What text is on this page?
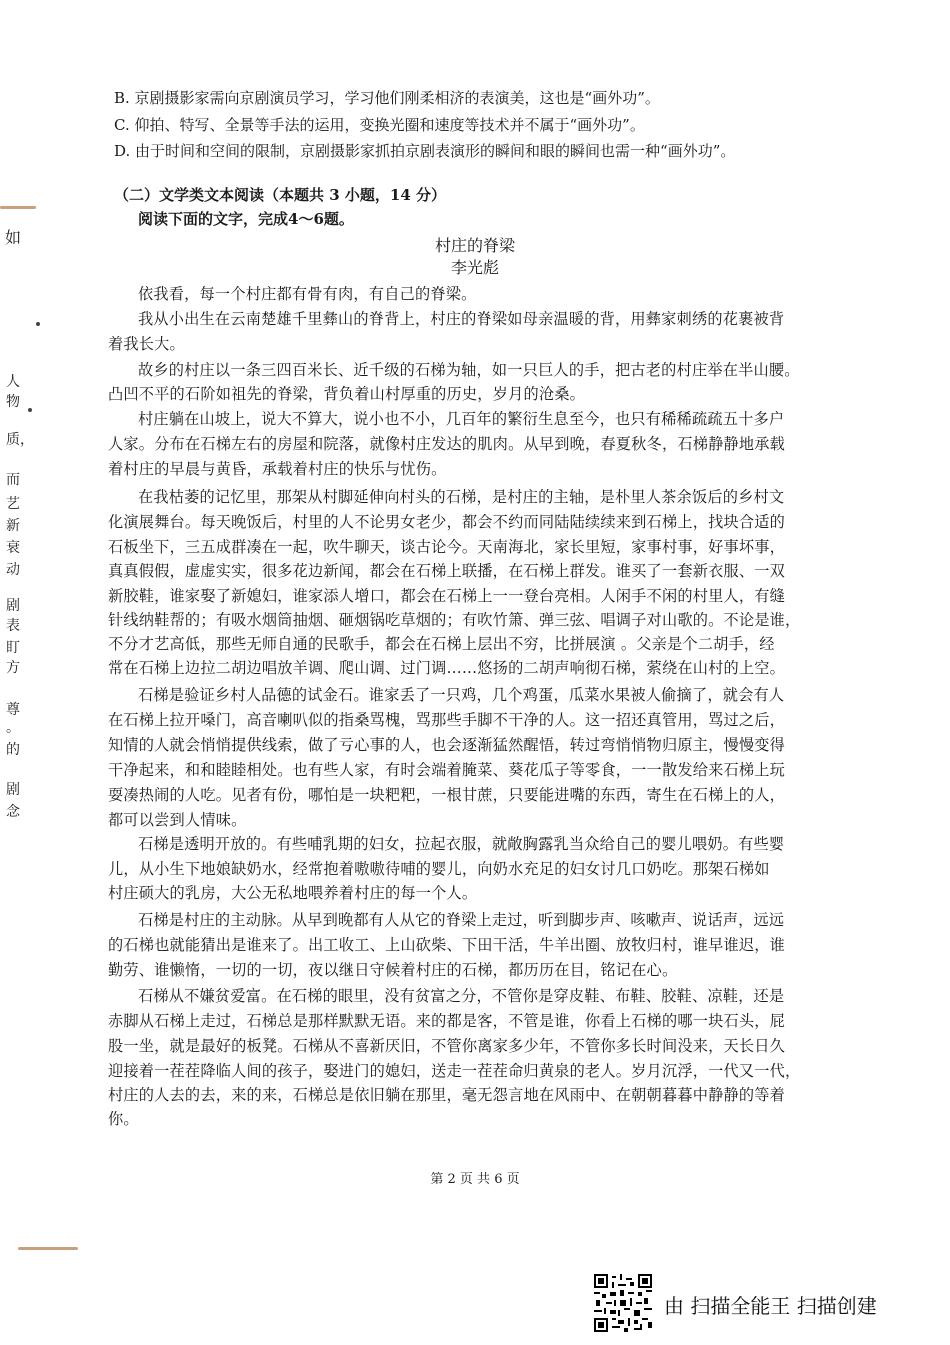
如
人
物
质 ，
而
艺
新
衰
动
剧
表
盯
方
尊
。
的
剧
念
B. 京剧摄影家需向京剧演员学习，学习他们刚柔相济的表演美，这也是“画外功”。
C. 仰拍、特写、全景等手法的运用，变换光圈和速度等技术并不属于“画外功”。
D. 由于时间和空间的限制，京剧摄影家抓拍京剧表演形的瞬间和眼的瞬间也需一种“画外功”。
（二）文学类文本阅读（本题共 3 小题，14 分）
阅读下面的文字，完成4～6题。
村庄的脊梁
李光彪
依我看，每一个村庄都有骨有肉，有自己的脊梁。
我从小出生在云南楚雄千里彝山的脊背上，村庄的脊梁如母亲温暖的背，用彝家刺绣的花裹被背
着我长大。
故乡的村庄以一条三四百米长、近千级的石梯为轴，如一只巨人的手，把古老的村庄举在半山腰。
凸凹不平的石阶如祖先的脊梁，背负着山村厚重的历史，岁月的沧桑。
村庄躺在山坡上，说大不算大，说小也不小，几百年的繁衍生息至今，也只有稀稀疏疏五十多户
人家。分布在石梯左右的房屋和院落，就像村庄发达的肌肉。从早到晚，春夏秋冬，石梯静静地承载
着村庄的早晨与黄昏，承载着村庄的快乐与忧伤。
在我枯萎的记忆里，那架从村脚延伸向村头的石梯，是村庄的主轴，是朴里人茶余饭后的乡村文
化演展舞台。每天晚饭后，村里的人不论男女老少，都会不约而同陆陆续续来到石梯上，找块合适的
石板坐下，三五成群凑在一起，吹牛聊天，谈古论今。天南海北，家长里短，家事村事，好事坏事，
真真假假，虚虚实实，很多花边新闻，都会在石梯上联播，在石梯上群发。谁买了一套新衣服、一双
新胶鞋，谁家娶了新媳妇，谁家添人增口，都会在石梯上一一登台亮相。人闲手不闲的村里人，有缝
针线纳鞋帮的；有吸水烟筒抽烟、砸烟锅吃草烟的；有吹竹箫、弹三弦、唱调子对山歌的。不论是谁，
不分才艺高低，那些无师自通的民歌手，都会在石梯上层出不穷，比拼展演 。父亲是个二胡手，经
常在石梯上边拉二胡边唱放羊调、爬山调、过门调……悠扬的二胡声响彻石梯，萦绕在山村的上空。
石梯是验证乡村人品德的试金石。谁家丢了一只鸡，几个鸡蛋，瓜菜水果被人偷摘了，就会有人
在石梯上拉开嗓门，高音喇叭似的指桑骂槐，骂那些手脚不干净的人。这一招还真管用，骂过之后，
知情的人就会悄悄提供线索，做了亏心事的人，也会逐渐猛然醒悟，转过弯悄悄物归原主，慢慢变得
干净起来，和和睦睦相处。也有些人家，有时会端着腌菜、葵花瓜子等零食，一一散发给来石梯上玩
耍凑热闹的人吃。见者有份，哪怕是一块粑粑，一根甘蔗，只要能进嘴的东西，寄生在石梯上的人，
都可以尝到人情味。
石梯是透明开放的。有些哺乳期的妇女，拉起衣服，就敞胸露乳当众给自己的婴儿喂奶。有些婴
儿，从小生下地娘缺奶水，经常抱着嗷嗷待哺的婴儿，向奶水充足的妇女讨几口奶吃。那架石梯如
村庄硕大的乳房，大公无私地喂养着村庄的每一个人。
石梯是村庄的主动脉。从早到晚都有人从它的脊梁上走过，听到脚步声、咳嗽声、说话声，远远
的石梯也就能猜出是谁来了。出工收工、上山砍柴、下田干活，牛羊出圈、放牧归村，谁早谁迟，谁
勤劳、谁懒惰，一切的一切，夜以继日守候着村庄的石梯，都历历在目，铭记在心。
石梯从不嫌贫爱富。在石梯的眼里，没有贫富之分，不管你是穿皮鞋、布鞋、胶鞋、凉鞋，还是
赤脚从石梯上走过，石梯总是那样默默无语。来的都是客，不管是谁，你看上石梯的哪一块石头，屁
股一坐，就是最好的板凳。石梯从不喜新厌旧，不管你离家多少年，不管你多长时间没来，天长日久
迎接着一茬茬降临人间的孩子，娶进门的媳妇，送走一茬茬命归黄泉的老人。岁月沉浮，一代又一代，
村庄的人去的去，来的来，石梯总是依旧躺在那里，毫无怨言地在风雨中、在朝朝暮暮中静静的等着
你。
第 2 页 共 6 页
由 扫描全能王 扫描创建
